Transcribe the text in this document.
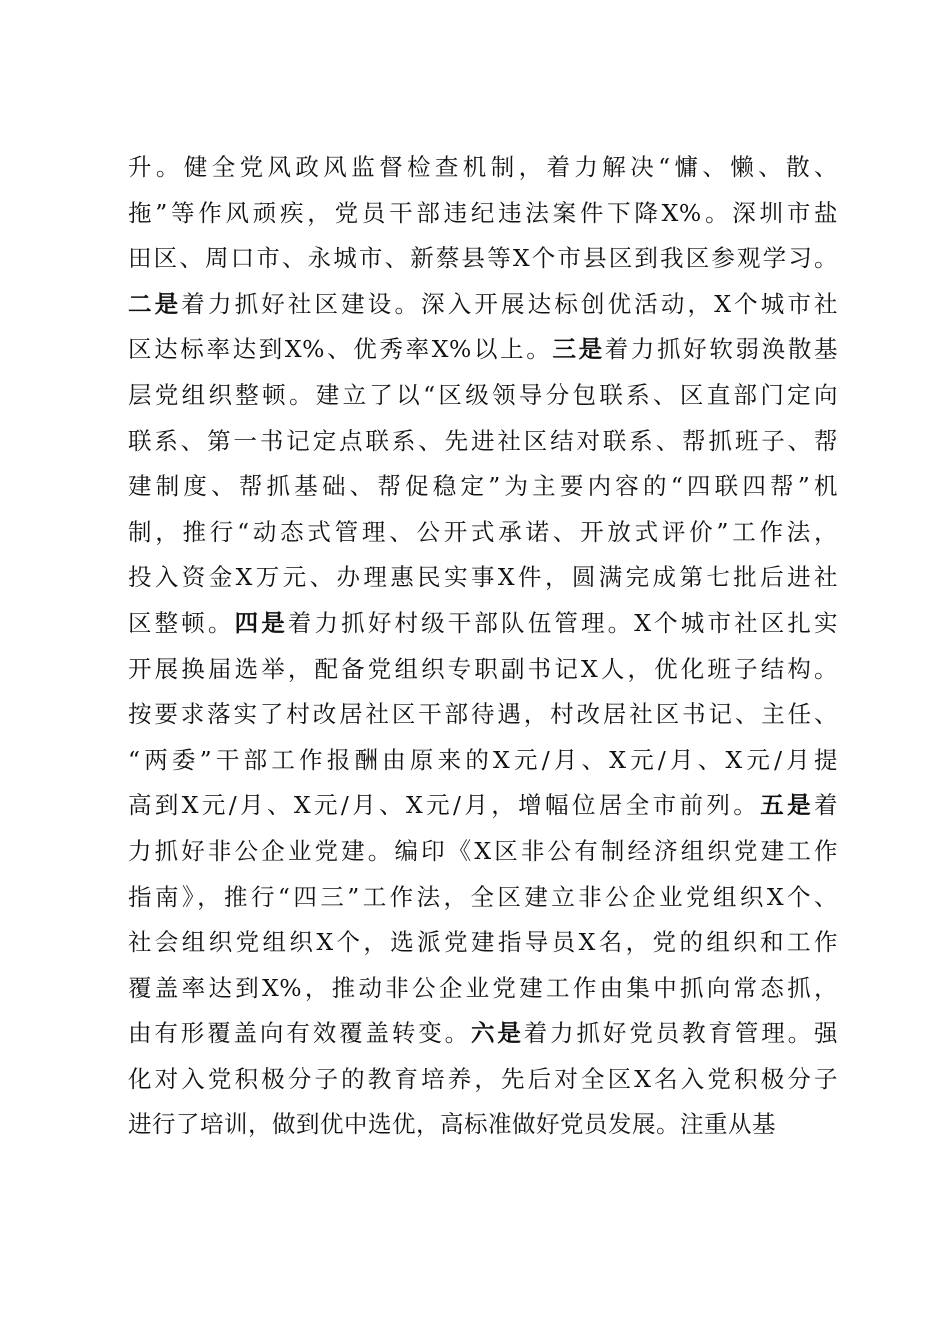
升。健全党风政风监督检查机制，着力解决“慵、懒、散、
拖”等作风顽疾，党员干部违纪违法案件下降X%。深圳市盐
田区、周口市、永城市、新蔡县等X个市县区到我区参观学习。
二是着力抓好社区建设。深入开展达标创优活动，X个城市社
区达标率达到X%、优秀率X%以上。三是着力抓好软弱涣散基
层党组织整顿。建立了以“区级领导分包联系、区直部门定向
联系、第一书记定点联系、先进社区结对联系、帮抓班子、帮
建制度、帮抓基础、帮促稳定”为主要内容的“四联四帮”机
制，推行“动态式管理、公开式承诺、开放式评价”工作法，
投入资金X万元、办理惠民实事X件，圆满完成第七批后进社
区整顿。四是着力抓好村级干部队伍管理。X个城市社区扎实
开展换届选举，配备党组织专职副书记X人，优化班子结构。
按要求落实了村改居社区干部待遇，村改居社区书记、主任、
“两委”干部工作报酬由原来的X元/月、X元/月、X元/月提
高到X元/月、X元/月、X元/月，增幅位居全市前列。五是着
力抓好非公企业党建。编印《X区非公有制经济组织党建工作
指南》，推行“四三”工作法，全区建立非公企业党组织X个、
社会组织党组织X个，选派党建指导员X名，党的组织和工作
覆盖率达到X%，推动非公企业党建工作由集中抓向常态抓，
由有形覆盖向有效覆盖转变。六是着力抓好党员教育管理。强
化对入党积极分子的教育培养，先后对全区X名入党积极分子
进行了培训，做到优中选优，高标准做好党员发展。注重从基
